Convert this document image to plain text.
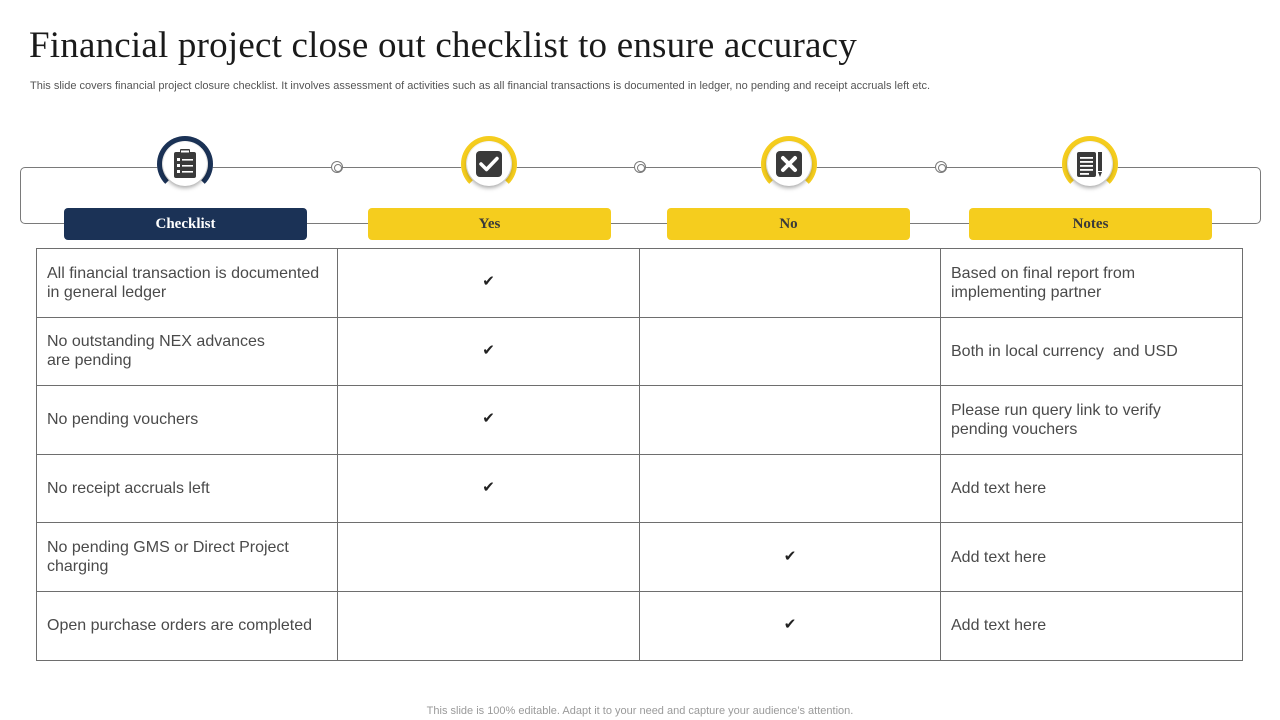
Financial project close out checklist to ensure accuracy
This slide covers financial project closure checklist. It involves assessment of activities such as all financial transactions is documented in ledger, no pending and receipt accruals left etc.
Checklist	Yes	No	Notes
All financial transaction is documented in general ledger	✔		Based on final report from implementing partner

No outstanding NEX advances are pending	✔		Both in local currency  and USD

No pending vouchers	✔		Please run query link to verify pending vouchers

No receipt accruals left	✔		Add text here

No pending GMS or Direct Project charging		✔	Add text here

Open purchase orders are completed		✔	Add text here
This slide is 100% editable. Adapt it to your need and capture your audience’s attention.
